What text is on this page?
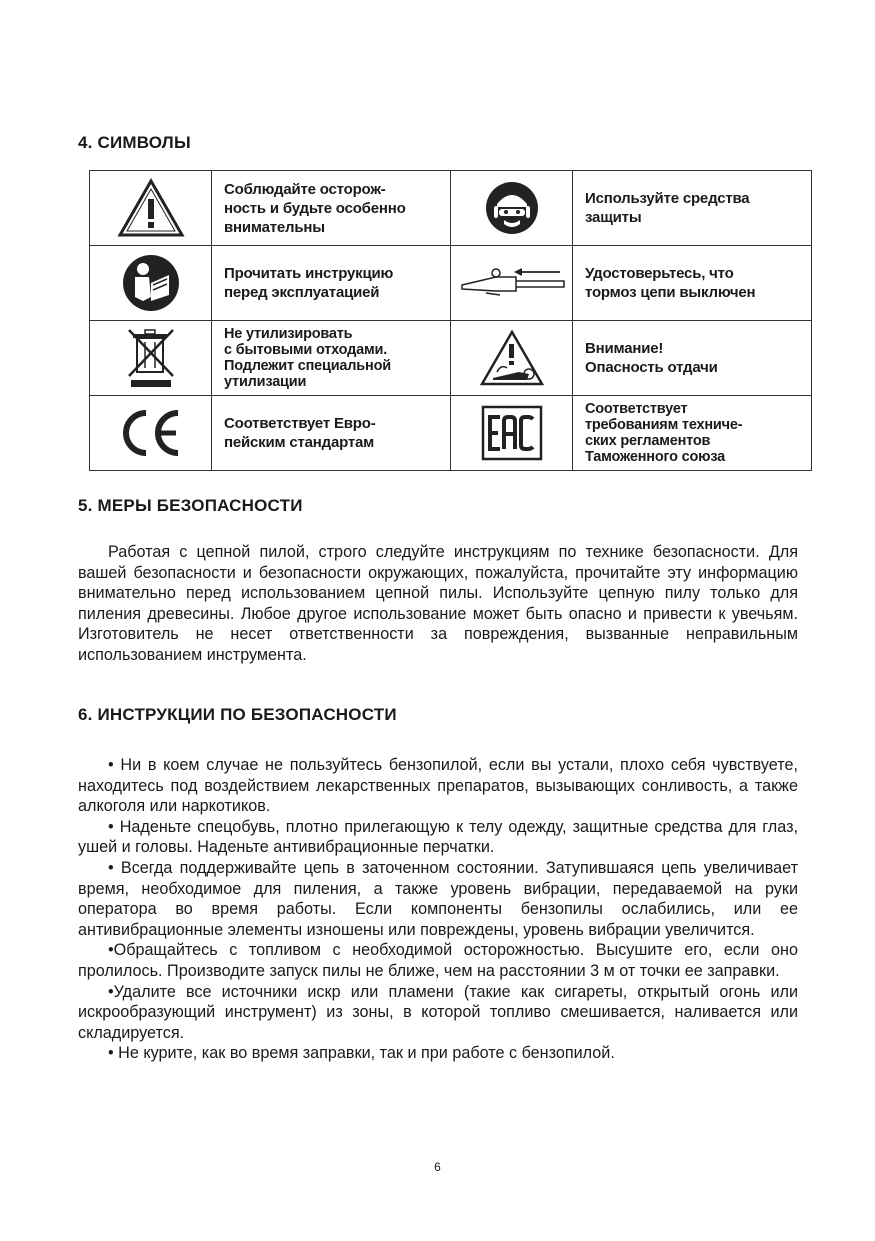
4. СИМВОЛЫ

Соблюдайте осторож-
ность и будьте особенно
внимательны		Используйте средства
защиты

Прочитать инструкцию
перед эксплуатацией		Удостоверьтесь, что
тормоз цепи выключен

Не утилизировать
с бытовыми отходами.
Подлежит специальной
утилизации		Внимание!
Опасность отдачи

Соответствует Евро-
пейским стандартам		Соответствует
требованиям техниче-
ских регламентов
Таможенного союза
5. МЕРЫ БЕЗОПАСНОСТИ
Работая с цепной пилой, строго следуйте инструкциям по технике безопасности. Для вашей безопасности и безопасности окружающих, пожалуйста, прочитайте эту информацию внимательно перед использованием цепной пилы. Используйте цепную пилу только для пиления древесины. Любое другое использование может быть опасно и привести к увечьям. Изготовитель не несет ответственности за повреждения, вызванные неправильным использованием инструмента.
6. ИНСТРУКЦИИ ПО БЕЗОПАСНОСТИ
• Ни в коем случае не пользуйтесь бензопилой, если вы устали, плохо себя чувствуете, находитесь под воздействием лекарственных препаратов, вызывающих сонливость, а также алкоголя или наркотиков.
• Наденьте спецобувь, плотно прилегающую к телу одежду, защитные средства для глаз, ушей и головы. Наденьте антивибрационные перчатки.
• Всегда поддерживайте цепь в заточенном состоянии. Затупившаяся цепь увеличивает время, необходимое для пиления, а также уровень вибрации, передаваемой на руки оператора во время работы. Если компоненты бензопилы ослабились, или ее антивибрационные элементы изношены или повреждены, уровень вибрации увеличится.
•Обращайтесь с топливом с необходимой осторожностью. Высушите его, если оно пролилось. Производите запуск пилы не ближе, чем на расстоянии 3 м от точки ее заправки.
•Удалите все источники искр или пламени (такие как сигареты, открытый огонь или искрообразующий инструмент) из зоны, в которой топливо смешивается, наливается или складируется.
• Не курите, как во время заправки, так и при работе с бензопилой.
6
